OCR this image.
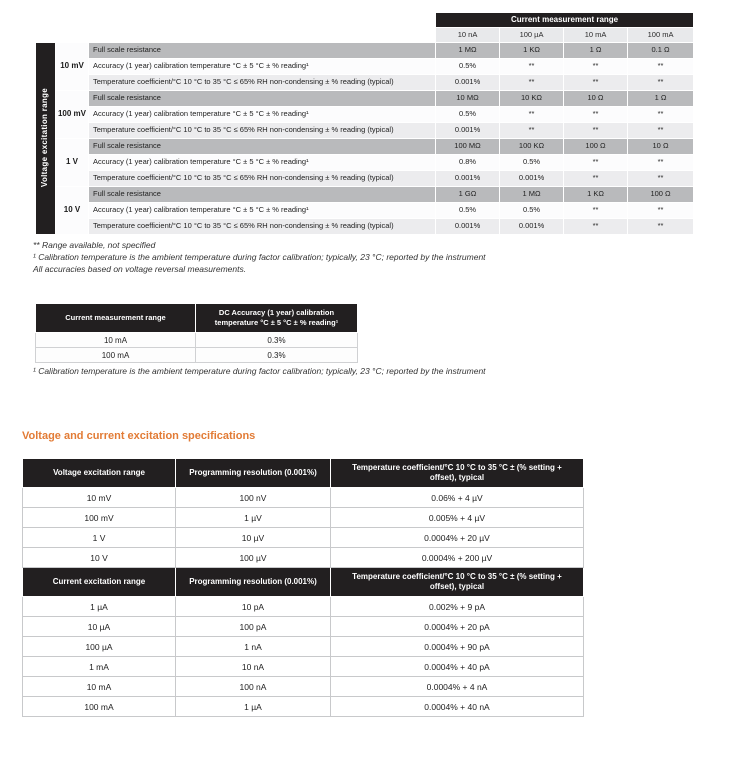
			Current measurement range			
			10 nA	100 µA	10 mA	100 mA
Voltage excitation range	10 mV	Full scale resistance	1 MΩ	1 KΩ	1 Ω	0.1 Ω
		Accuracy (1 year) calibration temperature °C ± 5 °C ± % reading¹	0.5%	**	**	**
		Temperature coefficient/°C 10 °C to 35 °C ≤ 65% RH non-condensing ± % reading (typical)	0.001%	**	**	**
	100 mV	Full scale resistance	10 MΩ	10 KΩ	10 Ω	1 Ω
		Accuracy (1 year) calibration temperature °C ± 5 °C ± % reading¹	0.5%	**	**	**
		Temperature coefficient/°C 10 °C to 35 °C ≤ 65% RH non-condensing ± % reading (typical)	0.001%	**	**	**
	1 V	Full scale resistance	100 MΩ	100 KΩ	100 Ω	10 Ω
		Accuracy (1 year) calibration temperature °C ± 5 °C ± % reading¹	0.8%	0.5%	**	**
		Temperature coefficient/°C 10 °C to 35 °C ≤ 65% RH non-condensing ± % reading (typical)	0.001%	0.001%	**	**
	10 V	Full scale resistance	1 GΩ	1 MΩ	1 KΩ	100 Ω
		Accuracy (1 year) calibration temperature °C ± 5 °C ± % reading¹	0.5%	0.5%	**	**
		Temperature coefficient/°C 10 °C to 35 °C ≤ 65% RH non-condensing ± % reading (typical)	0.001%	0.001%	**	**
** Range available, not specified
¹ Calibration temperature is the ambient temperature during factor calibration; typically, 23 °C; reported by the instrument
All accuracies based on voltage reversal measurements.
Current measurement range	DC Accuracy (1 year) calibration temperature °C ± 5 °C ± % reading¹
10 mA	0.3%
100 mA	0.3%
¹ Calibration temperature is the ambient temperature during factor calibration; typically, 23 °C; reported by the instrument
Voltage and current excitation specifications
Voltage excitation range	Programming resolution (0.001%)	Temperature coefficient/°C 10 °C to 35 °C ± (% setting + offset), typical
10 mV	100 nV	0.06% + 4 µV
100 mV	1 µV	0.005% + 4 µV
1 V	10 µV	0.0004% + 20 µV
10 V	100 µV	0.0004% + 200 µV
Current excitation range	Programming resolution (0.001%)	Temperature coefficient/°C 10 °C to 35 °C ± (% setting + offset), typical
1 µA	10 pA	0.002% + 9 pA
10 µA	100 pA	0.0004% + 20 pA
100 µA	1 nA	0.0004% + 90 pA
1 mA	10 nA	0.0004% + 40 pA
10 mA	100 nA	0.0004% + 4 nA
100 mA	1 µA	0.0004% + 40 nA
